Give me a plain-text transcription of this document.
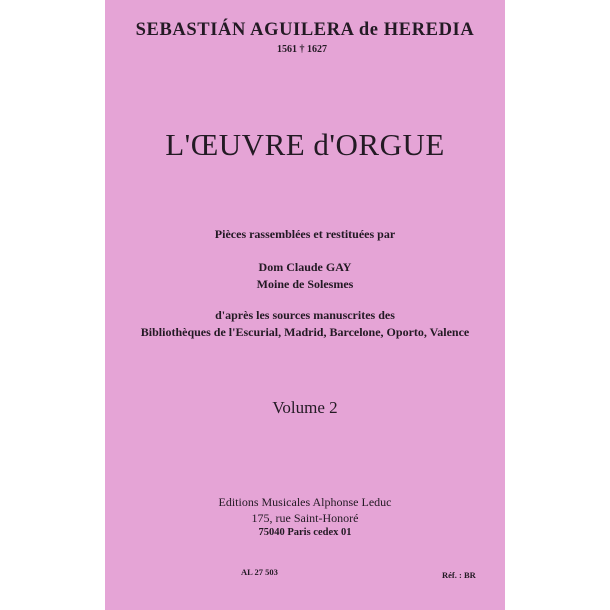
SEBASTIÁN AGUILERA de HEREDIA
1561 † 1627
L'ŒUVRE d'ORGUE
Pièces rassemblées et restituées par
Dom Claude GAY
Moine de Solesmes
d'après les sources manuscrites des
Bibliothèques de l'Escurial, Madrid, Barcelone, Oporto, Valence
Volume 2
Editions Musicales Alphonse Leduc
175, rue Saint-Honoré
75040 Paris cedex 01
AL 27 503	Réf. : BR
